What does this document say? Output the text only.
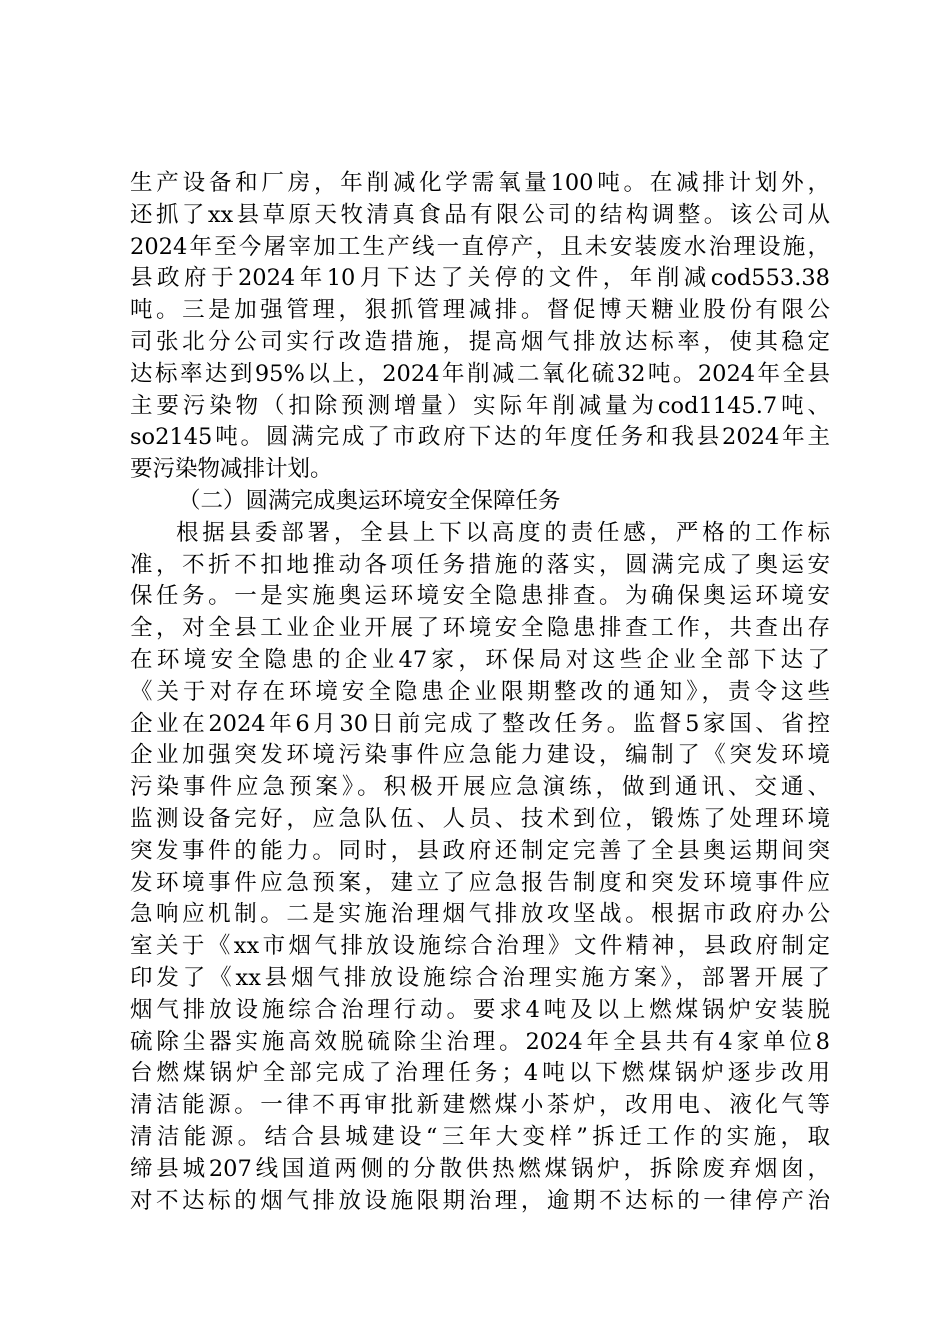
生产设备和厂房，年削减化学需氧量100吨。在减排计划外，
还抓了xx县草原天牧清真食品有限公司的结构调整。该公司从
2024年至今屠宰加工生产线一直停产，且未安装废水治理设施，
县政府于2024年10月下达了关停的文件，年削减cod553.38
吨。三是加强管理，狠抓管理减排。督促博天糖业股份有限公
司张北分公司实行改造措施，提高烟气排放达标率，使其稳定
达标率达到95%以上，2024年削减二氧化硫32吨。2024年全县
主要污染物（扣除预测增量）实际年削减量为cod1145.7吨、
so2145吨。圆满完成了市政府下达的年度任务和我县2024年主
要污染物减排计划。
（二）圆满完成奥运环境安全保障任务
根据县委部署，全县上下以高度的责任感，严格的工作标
准，不折不扣地推动各项任务措施的落实，圆满完成了奥运安
保任务。一是实施奥运环境安全隐患排查。为确保奥运环境安
全，对全县工业企业开展了环境安全隐患排查工作，共查出存
在环境安全隐患的企业47家，环保局对这些企业全部下达了
《关于对存在环境安全隐患企业限期整改的通知》，责令这些
企业在2024年6月30日前完成了整改任务。监督5家国、省控
企业加强突发环境污染事件应急能力建设，编制了《突发环境
污染事件应急预案》。积极开展应急演练，做到通讯、交通、
监测设备完好，应急队伍、人员、技术到位，锻炼了处理环境
突发事件的能力。同时，县政府还制定完善了全县奥运期间突
发环境事件应急预案，建立了应急报告制度和突发环境事件应
急响应机制。二是实施治理烟气排放攻坚战。根据市政府办公
室关于《xx市烟气排放设施综合治理》文件精神，县政府制定
印发了《xx县烟气排放设施综合治理实施方案》，部署开展了
烟气排放设施综合治理行动。要求4吨及以上燃煤锅炉安装脱
硫除尘器实施高效脱硫除尘治理。2024年全县共有4家单位8
台燃煤锅炉全部完成了治理任务；4吨以下燃煤锅炉逐步改用
清洁能源。一律不再审批新建燃煤小茶炉，改用电、液化气等
清洁能源。结合县城建设“三年大变样”拆迁工作的实施，取
缔县城207线国道两侧的分散供热燃煤锅炉，拆除废弃烟囱，
对不达标的烟气排放设施限期治理，逾期不达标的一律停产治
